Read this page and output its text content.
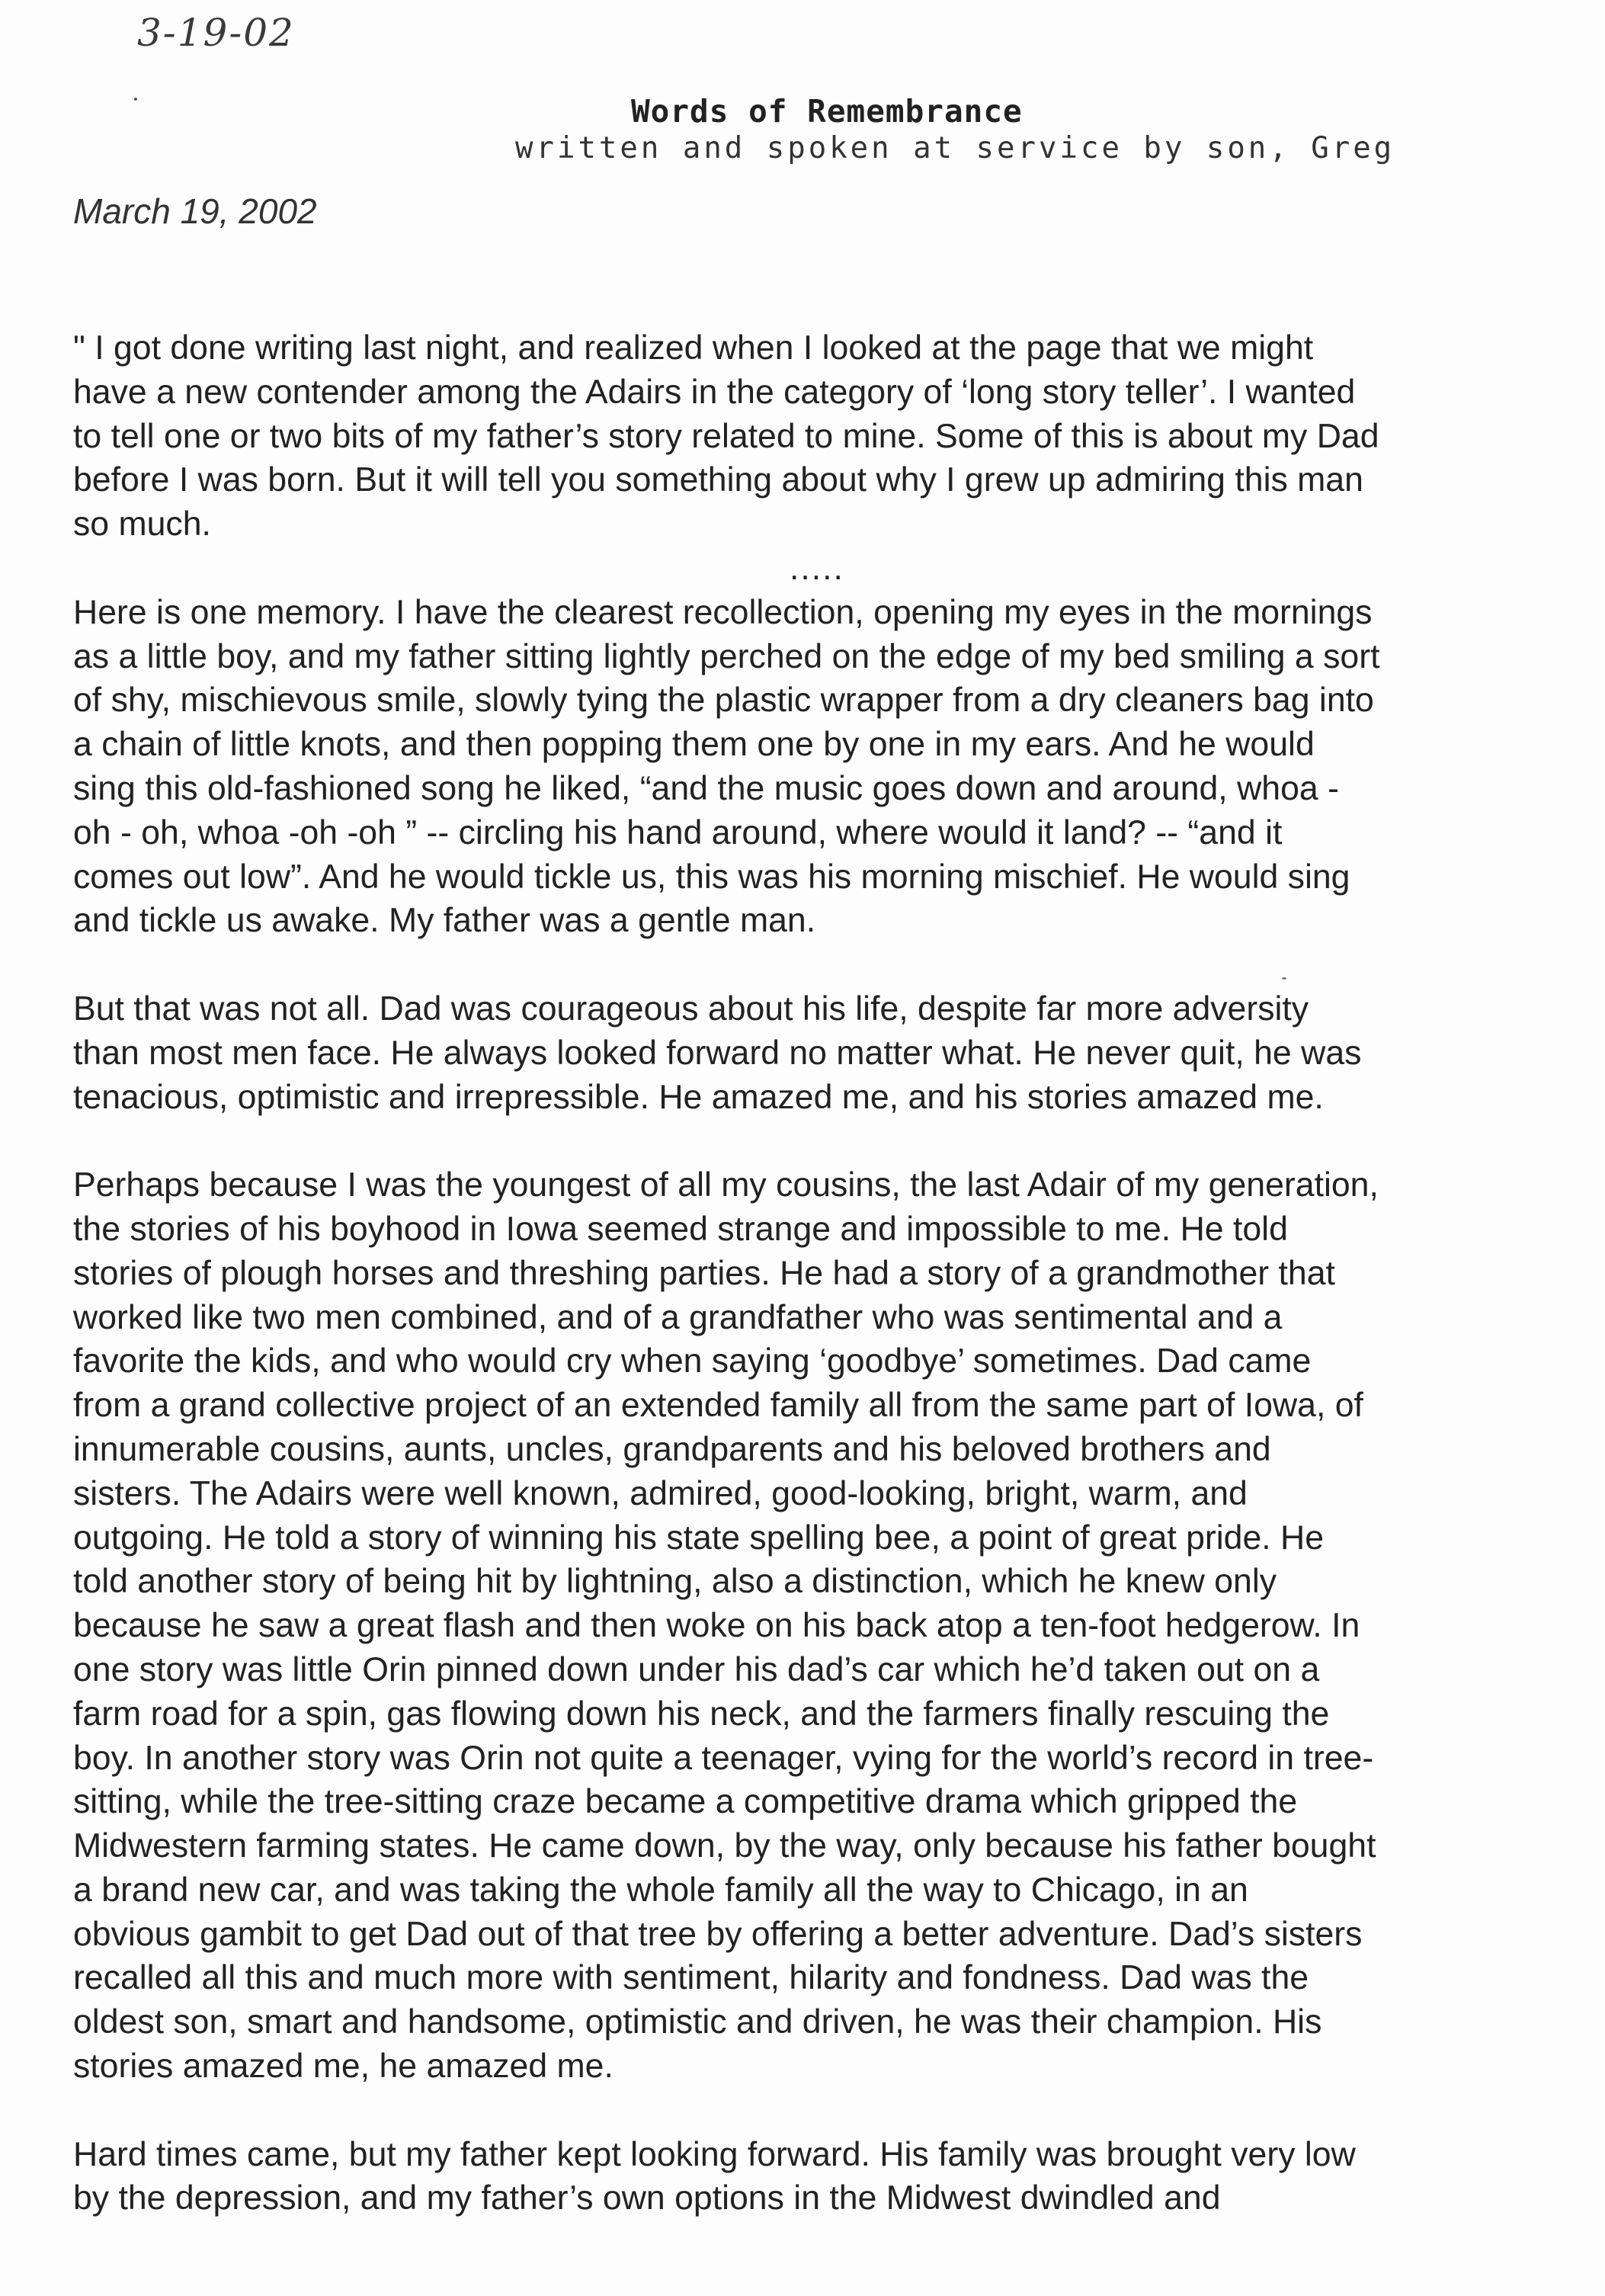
3-19-02
Words of Remembrance
written and spoken at service by son, Greg
March 19, 2002
" I got done writing last night, and realized when I looked at the page that we might
have a new contender among the Adairs in the category of ‘long story teller’. I wanted
to tell one or two bits of my father’s story related to mine. Some of this is about my Dad
before I was born. But it will tell you something about why I grew up admiring this man
so much.
.....
Here is one memory. I have the clearest recollection, opening my eyes in the mornings
as a little boy, and my father sitting lightly perched on the edge of my bed smiling a sort
of shy, mischievous smile, slowly tying the plastic wrapper from a dry cleaners bag into
a chain of little knots, and then popping them one by one in my ears. And he would
sing this old-fashioned song he liked, “and the music goes down and around, whoa -
oh - oh, whoa -oh -oh ” -- circling his hand around, where would it land? -- “and it
comes out low”. And he would tickle us, this was his morning mischief. He would sing
and tickle us awake. My father was a gentle man.
But that was not all. Dad was courageous about his life, despite far more adversity
than most men face. He always looked forward no matter what. He never quit, he was
tenacious, optimistic and irrepressible. He amazed me, and his stories amazed me.
Perhaps because I was the youngest of all my cousins, the last Adair of my generation,
the stories of his boyhood in Iowa seemed strange and impossible to me. He told
stories of plough horses and threshing parties. He had a story of a grandmother that
worked like two men combined, and of a grandfather who was sentimental and a
favorite the kids, and who would cry when saying ‘goodbye’ sometimes. Dad came
from a grand collective project of an extended family all from the same part of Iowa, of
innumerable cousins, aunts, uncles, grandparents and his beloved brothers and
sisters. The Adairs were well known, admired, good-looking, bright, warm, and
outgoing. He told a story of winning his state spelling bee, a point of great pride. He
told another story of being hit by lightning, also a distinction, which he knew only
because he saw a great flash and then woke on his back atop a ten-foot hedgerow. In
one story was little Orin pinned down under his dad’s car which he’d taken out on a
farm road for a spin, gas flowing down his neck, and the farmers finally rescuing the
boy. In another story was Orin not quite a teenager, vying for the world’s record in tree-
sitting, while the tree-sitting craze became a competitive drama which gripped the
Midwestern farming states. He came down, by the way, only because his father bought
a brand new car, and was taking the whole family all the way to Chicago, in an
obvious gambit to get Dad out of that tree by offering a better adventure. Dad’s sisters
recalled all this and much more with sentiment, hilarity and fondness. Dad was the
oldest son, smart and handsome, optimistic and driven, he was their champion. His
stories amazed me, he amazed me.
Hard times came, but my father kept looking forward. His family was brought very low
by the depression, and my father’s own options in the Midwest dwindled and
